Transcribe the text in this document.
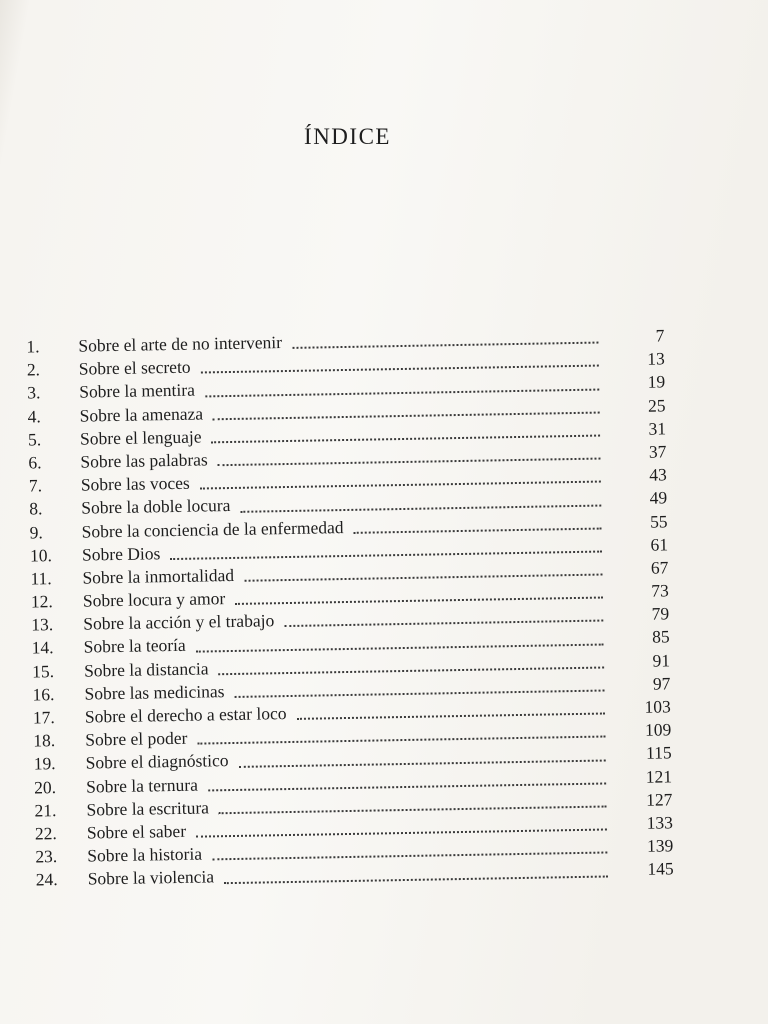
ÍNDICE
1.	Sobre el arte de no intervenir	7
2.	Sobre el secreto	13
3.	Sobre la mentira	19
4.	Sobre la amenaza	25
5.	Sobre el lenguaje	31
6.	Sobre las palabras	37
7.	Sobre las voces	43
8.	Sobre la doble locura	49
9.	Sobre la conciencia de la enfermedad	55
10.	Sobre Dios	61
11.	Sobre la inmortalidad	67
12.	Sobre locura y amor	73
13.	Sobre la acción y el trabajo	79
14.	Sobre la teoría	85
15.	Sobre la distancia	91
16.	Sobre las medicinas	97
17.	Sobre el derecho a estar loco	103
18.	Sobre el poder	109
19.	Sobre el diagnóstico	115
20.	Sobre la ternura	121
21.	Sobre la escritura	127
22.	Sobre el saber	133
23.	Sobre la historia	139
24.	Sobre la violencia	145
